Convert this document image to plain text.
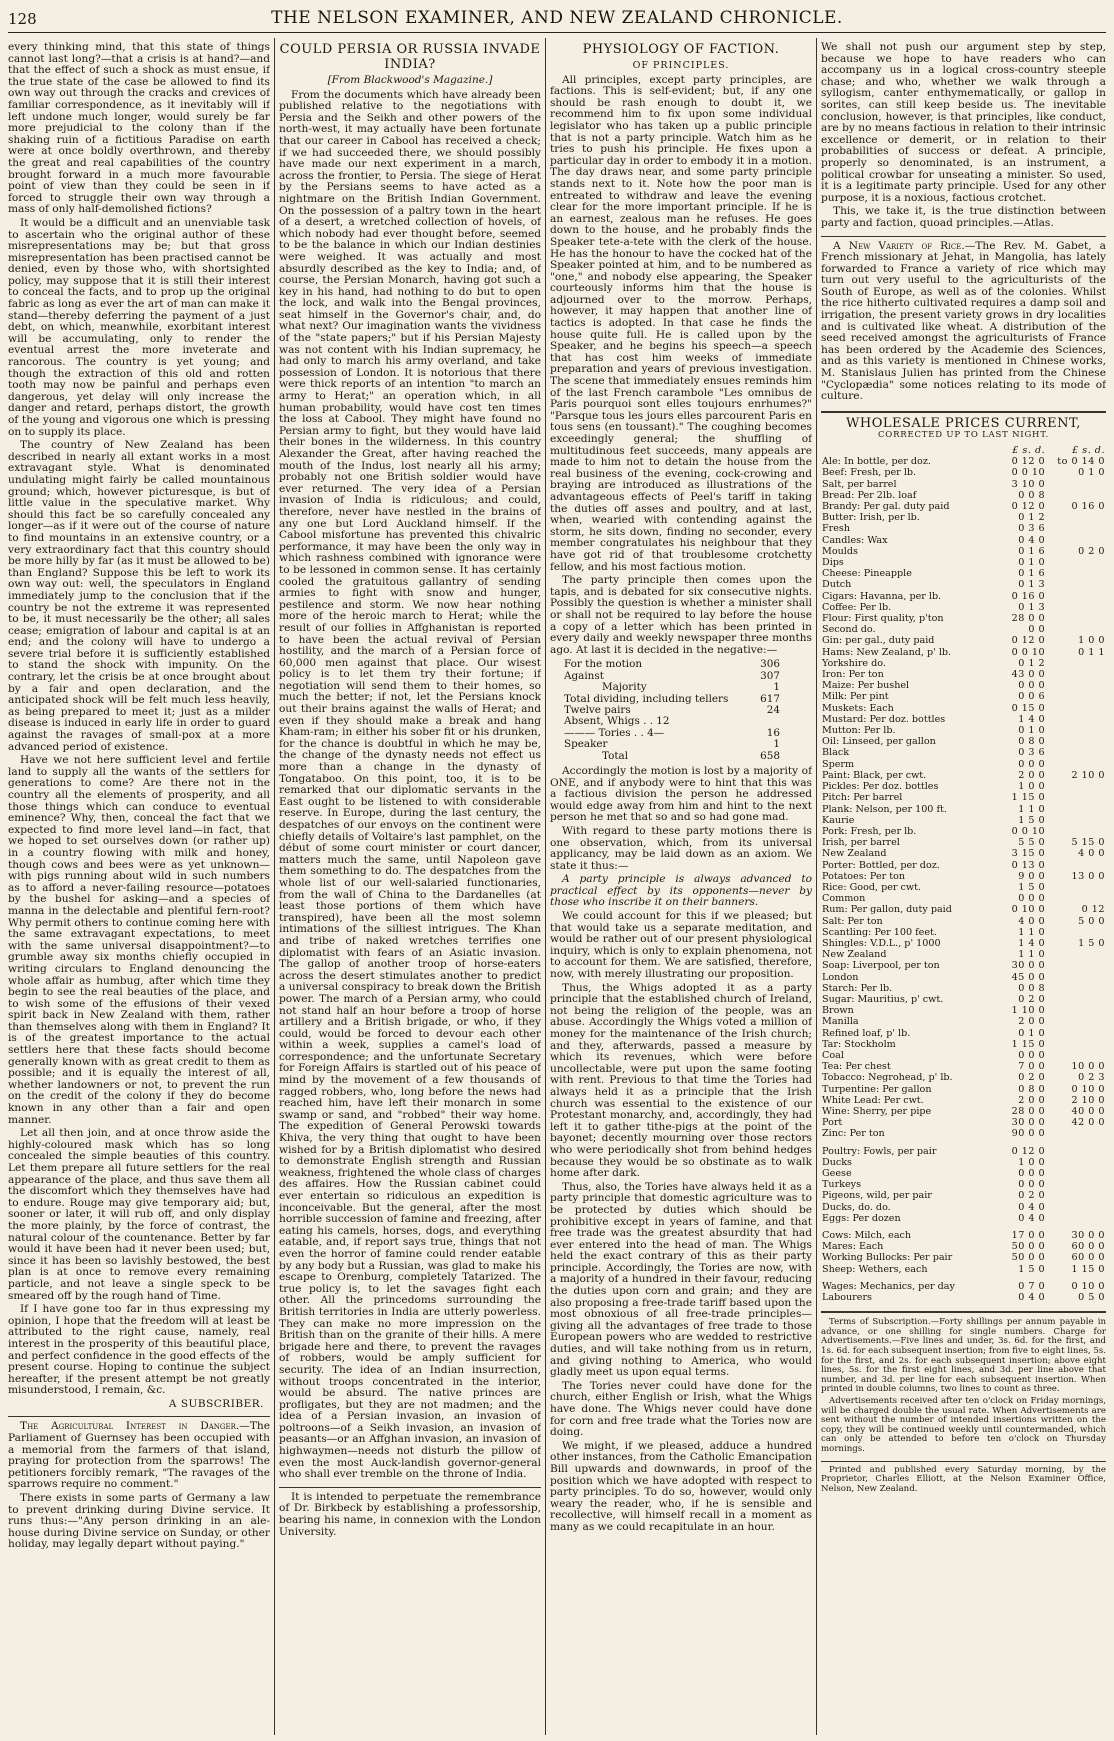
128	THE NELSON EXAMINER, AND NEW ZEALAND CHRONICLE.

every thinking mind, that this state of things cannot last long?—that a crisis is at hand?—and that the effect of such a shock as must ensue, if the true state of the case be allowed to find its own way out through the cracks and crevices of familiar correspondence, as it inevitably will if left undone much longer, would surely be far more prejudicial to the colony than if the shaking ruin of a fictitious Paradise on earth were at once boldly overthrown, and thereby the great and real capabilities of the country brought forward in a much more favourable point of view than they could be seen in if forced to struggle their own way through a mass of only half-demolished fictions?

It would be a difficult and an unenviable task to ascertain who the original author of these misrepresentations may be; but that gross misrepresentation has been practised cannot be denied, even by those who, with shortsighted policy, may suppose that it is still their interest to conceal the facts, and to prop up the original fabric as long as ever the art of man can make it stand—thereby deferring the payment of a just debt, on which, meanwhile, exorbitant interest will be accumulating, only to render the eventual arrest the more inveterate and rancorous. The country is yet young; and though the extraction of this old and rotten tooth may now be painful and perhaps even dangerous, yet delay will only increase the danger and retard, perhaps distort, the growth of the young and vigorous one which is pressing on to supply its place.

The country of New Zealand has been described in nearly all extant works in a most extravagant style. What is denominated undulating might fairly be called mountainous ground; which, however picturesque, is but of little value in the speculative market. Why should this fact be so carefully concealed any longer—as if it were out of the course of nature to find mountains in an extensive country, or a very extraordinary fact that this country should be more hilly by far (as it must be allowed to be) than England? Suppose this be left to work its own way out: well, the speculators in England immediately jump to the conclusion that if the country be not the extreme it was represented to be, it must necessarily be the other; all sales cease; emigration of labour and capital is at an end; and the colony will have to undergo a severe trial before it is sufficiently established to stand the shock with impunity. On the contrary, let the crisis be at once brought about by a fair and open declaration, and the anticipated shock will be felt much less heavily, as being prepared to meet it; just as a milder disease is induced in early life in order to guard against the ravages of small-pox at a more advanced period of existence.

Have we not here sufficient level and fertile land to supply all the wants of the settlers for generations to come? Are there not in the country all the elements of prosperity, and all those things which can conduce to eventual eminence? Why, then, conceal the fact that we expected to find more level land—in fact, that we hoped to set ourselves down (or rather up) in a country flowing with milk and honey, though cows and bees were as yet unknown—with pigs running about wild in such numbers as to afford a never-failing resource—potatoes by the bushel for asking—and a species of manna in the delectable and plentiful fern-root? Why permit others to continue coming here with the same extravagant expectations, to meet with the same universal disappointment?—to grumble away six months chiefly occupied in writing circulars to England denouncing the whole affair as humbug, after which time they begin to see the real beauties of the place, and to wish some of the effusions of their vexed spirit back in New Zealand with them, rather than themselves along with them in England? It is of the greatest importance to the actual settlers here that these facts should become generally known with as great credit to them as possible; and it is equally the interest of all, whether landowners or not, to prevent the run on the credit of the colony if they do become known in any other than a fair and open manner.

Let all then join, and at once throw aside the highly-coloured mask which has so long concealed the simple beauties of this country. Let them prepare all future settlers for the real appearance of the place, and thus save them all the discomfort which they themselves have had to endure. Rouge may give temporary aid; but, sooner or later, it will rub off, and only display the more plainly, by the force of contrast, the natural colour of the countenance. Better by far would it have been had it never been used; but, since it has been so lavishly bestowed, the best plan is at once to remove every remaining particle, and not leave a single speck to be smeared off by the rough hand of Time.

If I have gone too far in thus expressing my opinion, I hope that the freedom will at least be attributed to the right cause, namely, real interest in the prosperity of this beautiful place, and perfect confidence in the good effects of the present course. Hoping to continue the subject hereafter, if the present attempt be not greatly misunderstood, I remain, &c.

A SUBSCRIBER.

The Agricultural Interest in Danger.—The Parliament of Guernsey has been occupied with a memorial from the farmers of that island, praying for protection from the sparrows! The petitioners forcibly remark, "The ravages of the sparrows require no comment."

There exists in some parts of Germany a law to prevent drinking during Divine service. It runs thus:—"Any person drinking in an ale-house during Divine service on Sunday, or other holiday, may legally depart without paying."

COULD PERSIA OR RUSSIA INVADE INDIA?

[From Blackwood's Magazine.]

From the documents which have already been published relative to the negotiations with Persia and the Seikh and other powers of the north-west, it may actually have been fortunate that our career in Cabool has received a check; if we had succeeded there, we should possibly have made our next experiment in a march, across the frontier, to Persia. The siege of Herat by the Persians seems to have acted as a nightmare on the British Indian Government. On the possession of a paltry town in the heart of a desert, a wretched collection of hovels, of which nobody had ever thought before, seemed to be the balance in which our Indian destinies were weighed. It was actually and most absurdly described as the key to India; and, of course, the Persian Monarch, having got such a key in his hand, had nothing to do but to open the lock, and walk into the Bengal provinces, seat himself in the Governor's chair, and, do what next? Our imagination wants the vividness of the "state papers;" but if his Persian Majesty was not content with his Indian supremacy, he had only to march his army overland, and take possession of London. It is notorious that there were thick reports of an intention "to march an army to Herat;" an operation which, in all human probability, would have cost ten times the loss at Cabool. They might have found no Persian army to fight, but they would have laid their bones in the wilderness. In this country Alexander the Great, after having reached the mouth of the Indus, lost nearly all his army; probably not one British soldier would have ever returned. The very idea of a Persian invasion of India is ridiculous; and could, therefore, never have nestled in the brains of any one but Lord Auckland himself. If the Cabool misfortune has prevented this chivalric performance, it may have been the only way in which rashness combined with ignorance were to be lessoned in common sense. It has certainly cooled the gratuitous gallantry of sending armies to fight with snow and hunger, pestilence and storm. We now hear nothing more of the heroic march to Herat; while the result of our follies in Affghanistan is reported to have been the actual revival of Persian hostility, and the march of a Persian force of 60,000 men against that place. Our wisest policy is to let them try their fortune; if negotiation will send them to their homes, so much the better; if not, let the Persians knock out their brains against the walls of Herat; and even if they should make a break and hang Kham-ram; in either his sober fit or his drunken, for the chance is doubtful in which he may be, the change of the dynasty needs not effect us more than a change in the dynasty of Tongataboo. On this point, too, it is to be remarked that our diplomatic servants in the East ought to be listened to with considerable reserve. In Europe, during the last century, the despatches of our envoys on the continent were chiefly details of Voltaire's last pamphlet, on the début of some court minister or court dancer, matters much the same, until Napoleon gave them something to do. The despatches from the whole list of our well-salaried functionaries, from the wall of China to the Dardanelles (at least those portions of them which have transpired), have been all the most solemn intimations of the silliest intrigues. The Khan and tribe of naked wretches terrifies one diplomatist with fears of an Asiatic invasion. The gallop of another troop of horse-eaters across the desert stimulates another to predict a universal conspiracy to break down the British power. The march of a Persian army, who could not stand half an hour before a troop of horse artillery and a British brigade, or who, if they could, would be forced to devour each other within a week, supplies a camel's load of correspondence; and the unfortunate Secretary for Foreign Affairs is startled out of his peace of mind by the movement of a few thousands of ragged robbers, who, long before the news had reached him, have left their monarch in some swamp or sand, and "robbed" their way home. The expedition of General Perowski towards Khiva, the very thing that ought to have been wished for by a British diplomatist who desired to demonstrate English strength and Russian weakness, frightened the whole class of charges des affaires. How the Russian cabinet could ever entertain so ridiculous an expedition is inconceivable. But the general, after the most horrible succession of famine and freezing, after eating his camels, horses, dogs, and everything eatable, and, if report says true, things that not even the horror of famine could render eatable by any body but a Russian, was glad to make his escape to Orenburg, completely Tatarized. The true policy is, to let the savages fight each other. All the princedoms surrounding the British territories in India are utterly powerless. They can make no more impression on the British than on the granite of their hills. A mere brigade here and there, to prevent the ravages of robbers, would be amply sufficient for security. The idea of an Indian insurrection, without troops concentrated in the interior, would be absurd. The native princes are profligates, but they are not madmen; and the idea of a Persian invasion, an invasion of poltroons—of a Seikh invasion, an invasion of peasants—or an Affghan invasion, an invasion of highwaymen—needs not disturb the pillow of even the most Auck-landish governor-general who shall ever tremble on the throne of India.

It is intended to perpetuate the remembrance of Dr. Birkbeck by establishing a professorship, bearing his name, in connexion with the London University.

PHYSIOLOGY OF FACTION.

OF PRINCIPLES.

All principles, except party principles, are factions. This is self-evident; but, if any one should be rash enough to doubt it, we recommend him to fix upon some individual legislator who has taken up a public principle that is not a party principle. Watch him as he tries to push his principle. He fixes upon a particular day in order to embody it in a motion. The day draws near, and some party principle stands next to it. Note how the poor man is entreated to withdraw and leave the evening clear for the more important principle. If he is an earnest, zealous man he refuses. He goes down to the house, and he probably finds the Speaker tete-a-tete with the clerk of the house. He has the honour to have the cocked hat of the Speaker pointed at him, and to be numbered as "one," and nobody else appearing, the Speaker courteously informs him that the house is adjourned over to the morrow. Perhaps, however, it may happen that another line of tactics is adopted. In that case he finds the house quite full. He is called upon by the Speaker, and he begins his speech—a speech that has cost him weeks of immediate preparation and years of previous investigation. The scene that immediately ensues reminds him of the last French carambole "Les omnibus de Paris pourquoi sont elles toujours enrhumes?" "Parsque tous les jours elles parcourent Paris en tous sens (en toussant)." The coughing becomes exceedingly general; the shuffling of multitudinous feet succeeds, many appeals are made to him not to detain the house from the real business of the evening, cock-crowing and braying are introduced as illustrations of the advantageous effects of Peel's tariff in taking the duties off asses and poultry, and at last, when, wearied with contending against the storm, he sits down, finding no seconder, every member congratulates his neighbour that they have got rid of that troublesome crotchetty fellow, and his most factious motion.

The party principle then comes upon the tapis, and is debated for six consecutive nights. Possibly the question is whether a minister shall or shall not be required to lay before the house a copy of a letter which has been printed in every daily and weekly newspaper three months ago. At last it is decided in the negative:—

For the motion	306
Against	307
Majority	1
Total dividing, including tellers	617
Twelve pairs	24
Absent, Whigs . . 12	
——— Tories . . 4—	16
Speaker	1
Total	658

Accordingly the motion is lost by a majority of ONE, and if anybody were to hint that this was a factious division the person he addressed would edge away from him and hint to the next person he met that so and so had gone mad.

With regard to these party motions there is one observation, which, from its universal applicancy, may be laid down as an axiom. We state it thus:—

A party principle is always advanced to practical effect by its opponents—never by those who inscribe it on their banners.

We could account for this if we pleased; but that would take us a separate meditation, and would be rather out of our present physiological inquiry, which is only to explain phenomena, not to account for them. We are satisfied, therefore, now, with merely illustrating our proposition.

Thus, the Whigs adopted it as a party principle that the established church of Ireland, not being the religion of the people, was an abuse. Accordingly the Whigs voted a million of money for the maintenance of the Irish church; and they, afterwards, passed a measure by which its revenues, which were before uncollectable, were put upon the same footing with rent. Previous to that time the Tories had always held it as a principle that the Irish church was essential to the existence of our Protestant monarchy, and, accordingly, they had left it to gather tithe-pigs at the point of the bayonet; decently mourning over those rectors who were periodically shot from behind hedges because they would be so obstinate as to walk home after dark.

Thus, also, the Tories have always held it as a party principle that domestic agriculture was to be protected by duties which should be prohibitive except in years of famine, and that free trade was the greatest absurdity that had ever entered into the head of man. The Whigs held the exact contrary of this as their party principle. Accordingly, the Tories are now, with a majority of a hundred in their favour, reducing the duties upon corn and grain; and they are also proposing a free-trade tariff based upon the most obnoxious of all free-trade principles—giving all the advantages of free trade to those European powers who are wedded to restrictive duties, and will take nothing from us in return, and giving nothing to America, who would gladly meet us upon equal terms.

The Tories never could have done for the church, either English or Irish, what the Whigs have done. The Whigs never could have done for corn and free trade what the Tories now are doing.

We might, if we pleased, adduce a hundred other instances, from the Catholic Emancipation Bill upwards and downwards, in proof of the position which we have adopted with respect to party principles. To do so, however, would only weary the reader, who, if he is sensible and recollective, will himself recall in a moment as many as we could recapitulate in an hour.

We shall not push our argument step by step, because we hope to have readers who can accompany us in a logical cross-country steeple chase; and who, whether we walk through a syllogism, canter enthymematically, or gallop in sorites, can still keep beside us. The inevitable conclusion, however, is that principles, like conduct, are by no means factious in relation to their intrinsic excellence or demerit, or in relation to their probabilities of success or defeat. A principle, properly so denominated, is an instrument, a political crowbar for unseating a minister. So used, it is a legitimate party principle. Used for any other purpose, it is a noxious, factious crotchet.

This, we take it, is the true distinction between party and faction, quoad principles.—Atlas.

A New Variety of Rice.—The Rev. M. Gabet, a French missionary at Jehat, in Mangolia, has lately forwarded to France a variety of rice which may turn out very useful to the agriculturists of the South of Europe, as well as of the colonies. Whilst the rice hitherto cultivated requires a damp soil and irrigation, the present variety grows in dry localities and is cultivated like wheat. A distribution of the seed received amongst the agriculturists of France has been ordered by the Academie des Sciences, and as this variety is mentioned in Chinese works, M. Stanislaus Julien has printed from the Chinese "Cyclopædia" some notices relating to its mode of culture.

WHOLESALE PRICES CURRENT,

CORRECTED UP TO LAST NIGHT.

	£ s. d.	£ s. d.
Ale: In bottle, per doz.	0 12 0	to 0 14 0
Beef: Fresh, per lb.	0 0 10	0 1 0
Salt, per barrel	3 10 0	
Bread: Per 2lb. loaf	0 0 8	
Brandy: Per gal. duty paid	0 12 0	0 16 0
Butter: Irish, per lb.	0 1 2	
Fresh	0 3 6	
Candles: Wax	0 4 0	
Moulds	0 1 6	0 2 0
Dips	0 1 0	
Cheese: Pineapple	0 1 6	
Dutch	0 1 3	
Cigars: Havanna, per lb.	0 16 0	
Coffee: Per lb.	0 1 3	
Flour: First quality, p'ton	28 0 0	
Second do.	0 0	
Gin: per gal., duty paid	0 12 0	1 0 0
Hams: New Zealand, p' lb.	0 0 10	0 1 1
Yorkshire do.	0 1 2	
Iron: Per ton	43 0 0	
Maize: Per bushel	0 0 0	
Milk: Per pint	0 0 6	
Muskets: Each	0 15 0	
Mustard: Per doz. bottles	1 4 0	
Mutton: Per lb.	0 1 0	
Oil: Linseed, per gallon	0 8 0	
Black	0 3 6	
Sperm	0 0 0	
Paint: Black, per cwt.	2 0 0	2 10 0
Pickles: Per doz. bottles	1 0 0	
Pitch: Per barrel	1 15 0	
Plank: Nelson, per 100 ft.	1 1 0	
Kaurie	1 5 0	
Pork: Fresh, per lb.	0 0 10	
Irish, per barrel	5 5 0	5 15 0
New Zealand	3 15 0	4 0 0
Porter: Bottled, per doz.	0 13 0	
Potatoes: Per ton	9 0 0	13 0 0
Rice: Good, per cwt.	1 5 0	
Common	0 0 0	
Rum: Per gallon, duty paid	0 10 0	0 12
Salt: Per ton	4 0 0	5 0 0
Scantling: Per 100 feet.	1 1 0	
Shingles: V.D.L., p' 1000	1 4 0	1 5 0
New Zealand	1 1 0	
Soap: Liverpool, per ton	30 0 0	
London	45 0 0	
Starch: Per lb.	0 0 8	
Sugar: Mauritius, p' cwt.	0 2 0	
Brown	1 10 0	
Manilla	2 0 0	
Refined loaf, p' lb.	0 1 0	
Tar: Stockholm	1 15 0	
Coal	0 0 0	
Tea: Per chest	7 0 0	10 0 0
Tobacco: Negrohead, p' lb.	0 2 0	0 2 3
Turpentine: Per gallon	0 8 0	0 10 0
White Lead: Per cwt.	2 0 0	2 10 0
Wine: Sherry, per pipe	28 0 0	40 0 0
Port	30 0 0	42 0 0
Zinc: Per ton	90 0 0	

Poultry: Fowls, per pair	0 12 0	
Ducks	1 0 0	
Geese	0 0 0	
Turkeys	0 0 0	
Pigeons, wild, per pair	0 2 0	
Ducks, do. do.	0 4 0	
Eggs: Per dozen	0 4 0	

Cows: Milch, each	17 0 0	30 0 0
Mares: Each	50 0 0	60 0 0
Working Bullocks: Per pair	50 0 0	60 0 0
Sheep: Wethers, each	1 5 0	1 15 0

Wages: Mechanics, per day	0 7 0	0 10 0
Labourers	0 4 0	0 5 0

Terms of Subscription.—Forty shillings per annum payable in advance, or one shilling for single numbers. Charge for Advertisements.—Five lines and under, 3s. 6d. for the first, and 1s. 6d. for each subsequent insertion; from five to eight lines, 5s. for the first, and 2s. for each subsequent insertion; above eight lines, 5s. for the first eight lines, and 3d. per line above that number, and 3d. per line for each subsequent insertion. When printed in double columns, two lines to count as three.

Advertisements received after ten o'clock on Friday mornings, will be charged double the usual rate. When Advertisements are sent without the number of intended insertions written on the copy, they will be continued weekly until countermanded, which can only be attended to before ten o'clock on Thursday mornings.

Printed and published every Saturday morning, by the Proprietor, Charles Elliott, at the Nelson Examiner Office, Nelson, New Zealand.
